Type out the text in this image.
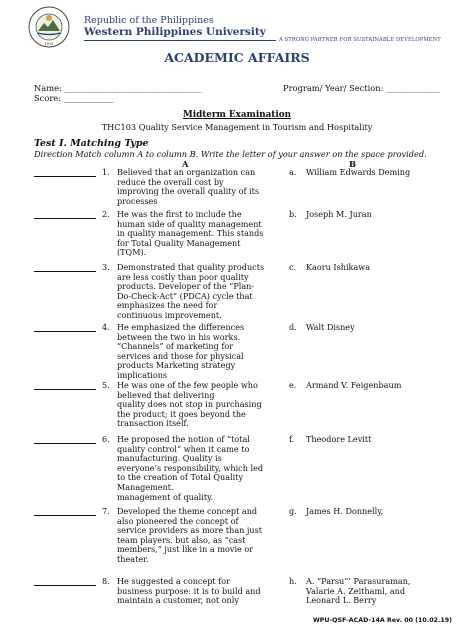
1910
Republic of the Philippines
Western Philippines University
A STRONG PARTNER FOR SUSTAINABLE DEVELOPMENT
ACADEMIC AFFAIRS
Name: _________________________________	Program/ Year/ Section: _____________
Score: ____________
Midterm Examination
THC103 Quality Service Management in Tourism and Hospitality
Test I. Matching Type
Direction Match column A to column B. Write the letter of your answer on the space provided.
A	B
1. Believed that an organization can
reduce the overall cost by
improving the overall quality of its
processes
a. William Edwards Deming
2. He was the first to include the
human side of quality management
in quality management. This stands
for Total Quality Management
(TQM).
b. Joseph M. Juran
3. Demonstrated that quality products
are less costly than poor quality
products. Developer of the “Plan-
Do-Check-Act” (PDCA) cycle that
emphasizes the need for
continuous improvement.
c. Kaoru Ishikawa
4. He emphasized the differences
between the two in his works.
“Channels” of marketing for
services and those for physical
products Marketing strategy
implications
d. Walt Disney
5. He was one of the few people who
believed that delivering
quality does not stop in purchasing
the product; it goes beyond the
transaction itself.
e. Armand V. Feigenbaum
6. He proposed the notion of “total
quality control” when it came to
manufacturing. Quality is
everyone’s responsibility, which led
to the creation of Total Quality
Management.
management of quality.
f. Theodore Levitt
7. Developed the theme concept and
also pioneered the concept of
service providers as more than just
team players. but also, as “cast
members,” just like in a movie or
theater.
g. James H. Donnelly,
8. He suggested a concept for
business purpose: it is to build and
maintain a customer, not only
h. A. “Parsu”’ Parasuraman,
Valarie A. Zeithaml, and
Leonard L. Berry
WPU-QSF-ACAD-14A Rev. 00 (10.02.19)
